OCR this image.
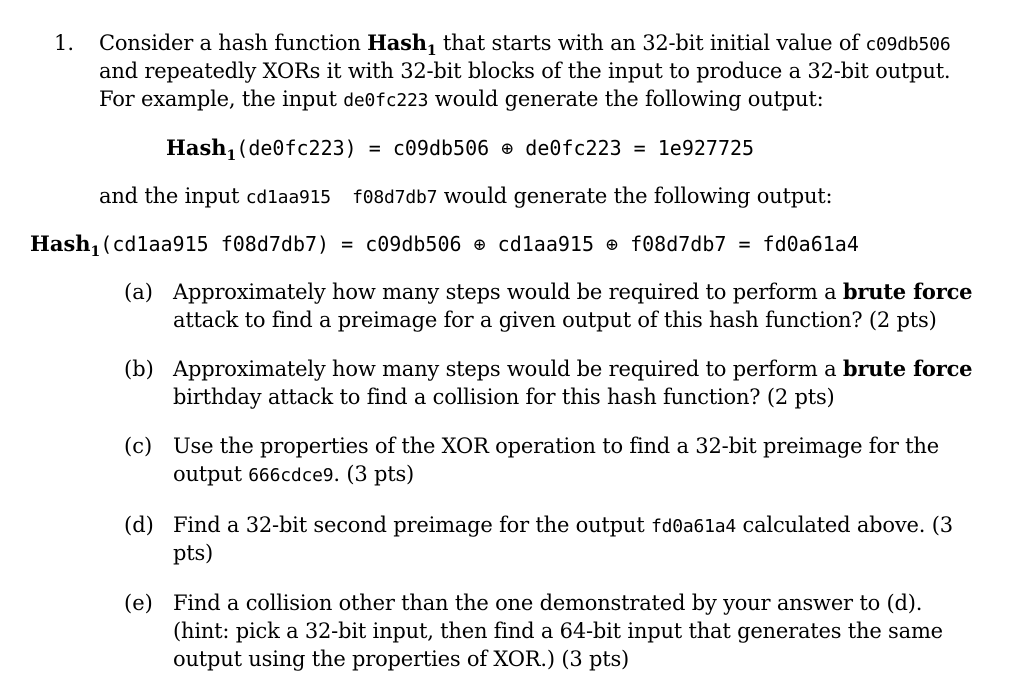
1. Consider a hash function Hash$_1$ that starts with an 32-bit initial value of c09db506
and repeatedly XORs it with 32-bit blocks of the input to produce a 32-bit output.
For example, the input de0fc223 would generate the following output:
Hash$_1$(de0fc223) = c09db506 ⊕ de0fc223 = 1e927725
and the input cd1aa915  f08d7db7 would generate the following output:
Hash$_1$(cd1aa915 f08d7db7) = c09db506 ⊕ cd1aa915 ⊕ f08d7db7 = fd0a61a4
(a) Approximately how many steps would be required to perform a brute force
attack to find a preimage for a given output of this hash function? (2 pts)
(b) Approximately how many steps would be required to perform a brute force
birthday attack to find a collision for this hash function? (2 pts)
(c) Use the properties of the XOR operation to find a 32-bit preimage for the
output 666cdce9. (3 pts)
(d) Find a 32-bit second preimage for the output fd0a61a4 calculated above. (3
pts)
(e) Find a collision other than the one demonstrated by your answer to (d).
(hint: pick a 32-bit input, then find a 64-bit input that generates the same
output using the properties of XOR.) (3 pts)
